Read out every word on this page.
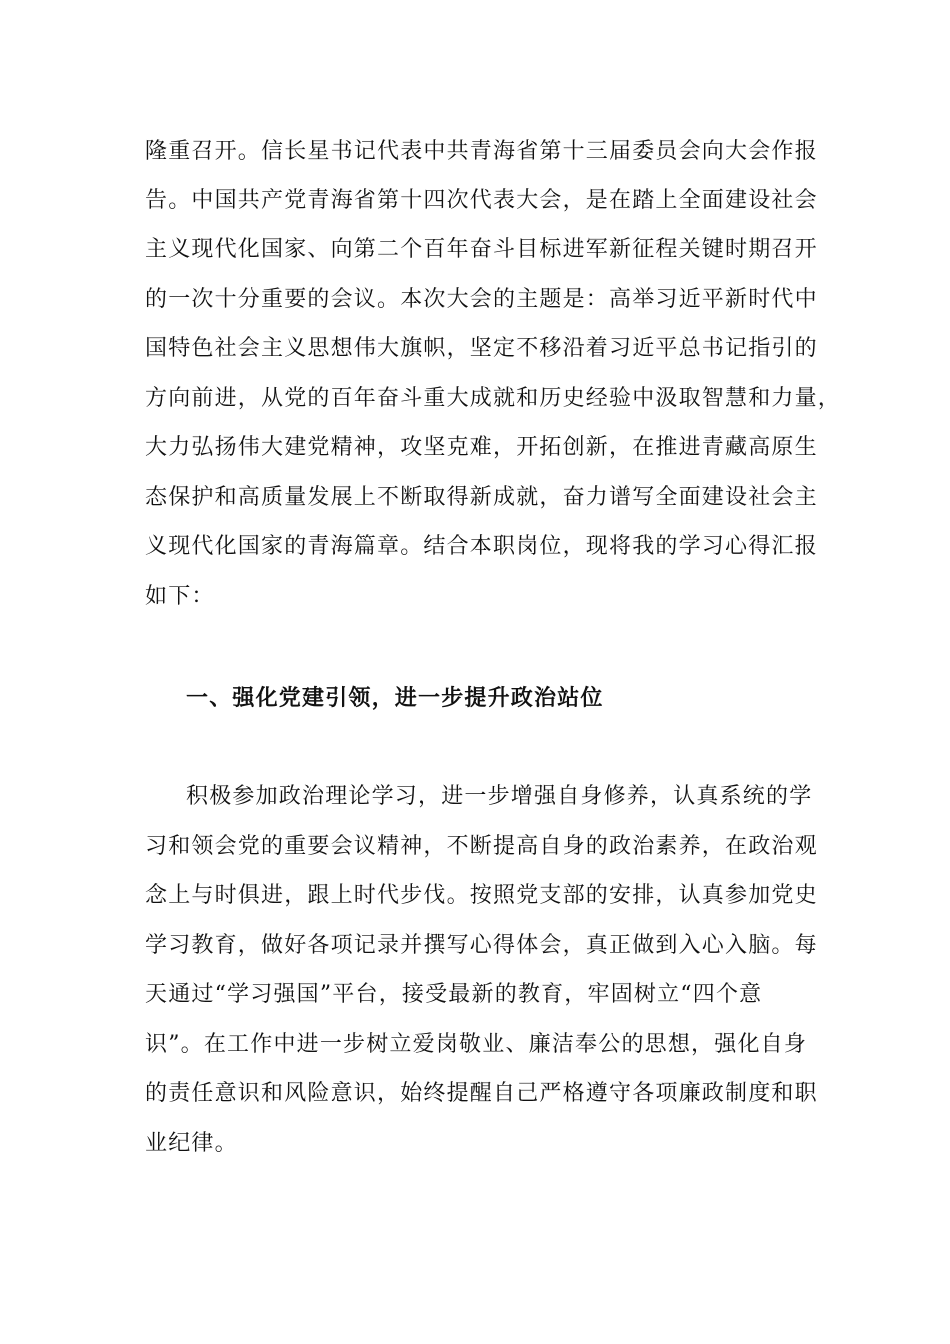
隆重召开。信长星书记代表中共青海省第十三届委员会向大会作报
告。中国共产党青海省第十四次代表大会，是在踏上全面建设社会
主义现代化国家、向第二个百年奋斗目标进军新征程关键时期召开
的一次十分重要的会议。本次大会的主题是：高举习近平新时代中
国特色社会主义思想伟大旗帜，坚定不移沿着习近平总书记指引的
方向前进，从党的百年奋斗重大成就和历史经验中汲取智慧和力量，
大力弘扬伟大建党精神，攻坚克难，开拓创新，在推进青藏高原生
态保护和高质量发展上不断取得新成就，奋力谱写全面建设社会主
义现代化国家的青海篇章。结合本职岗位，现将我的学习心得汇报
如下：
一、强化党建引领，进一步提升政治站位
积极参加政治理论学习，进一步增强自身修养，认真系统的学
习和领会党的重要会议精神，不断提高自身的政治素养，在政治观
念上与时俱进，跟上时代步伐。按照党支部的安排，认真参加党史
学习教育，做好各项记录并撰写心得体会，真正做到入心入脑。每
天通过“学习强国”平台，接受最新的教育，牢固树立“四个意
识”。在工作中进一步树立爱岗敬业、廉洁奉公的思想，强化自身
的责任意识和风险意识，始终提醒自己严格遵守各项廉政制度和职
业纪律。
